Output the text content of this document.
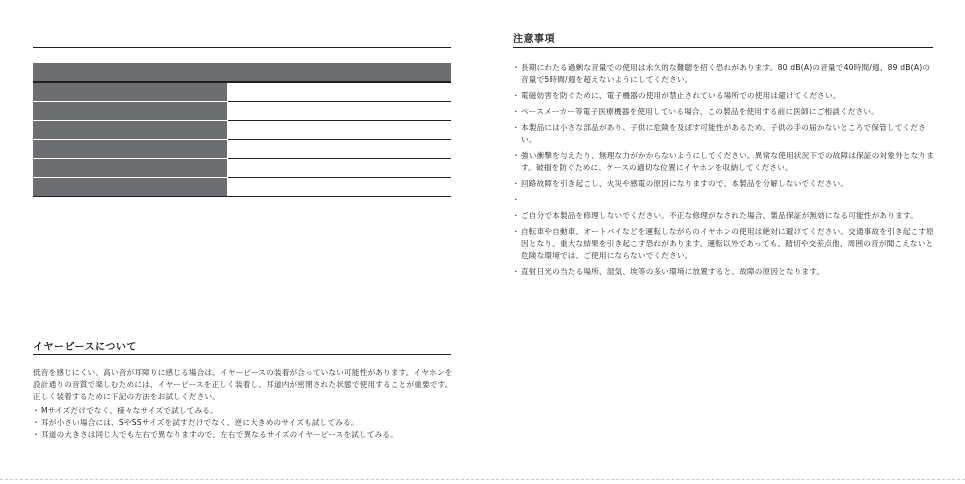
イヤーピースについて

低音を感じにくい、高い音が耳障りに感じる場合は、イヤーピースの装着が合っていない可能性があります。イヤホンを設計通りの音質で楽しむためには、イヤーピースを正しく装着し、耳道内が密閉された状態で使用することが重要です。正しく装着するために下記の方法をお試しください。

・ Mサイズだけでなく、様々なサイズで試してみる。
・ 耳が小さい場合には、SやSSサイズを試すだけでなく、逆に大きめのサイズも試してみる。
・ 耳道の大きさは同じ人でも左右で異なりますので、左右で異なるサイズのイヤーピースを試してみる。
注意事項
・ 長期にわたる過剰な音量での使用は永久的な難聴を招く恐れがあります。80 dB(A)の音量で40時間/週、89 dB(A)の音量で5時間/週を超えないようにしてください。
・ 電磁妨害を防ぐために、電子機器の使用が禁止されている場所での使用は避けてください。
・ ペースメーカー等電子医療機器を使用している場合、この製品を使用する前に医師にご相談ください。
・ 本製品には小さな部品があり、子供に危険を及ぼす可能性があるため、子供の手の届かないところで保管してください。
・ 強い衝撃を与えたり、無理な力がかからないようにしてください。異常な使用状況下での故障は保証の対象外となります。破損を防ぐために、ケースの適切な位置にイヤホンを収納してください。
・ 回路故障を引き起こし、火災や感電の原因になりますので、本製品を分解しないでください。
・
・ ご自分で本製品を修理しないでください。不正な修理がなされた場合、製品保証が無効になる可能性があります。
・ 自転車や自動車、オートバイなどを運転しながらのイヤホンの使用は絶対に避けてください。交通事故を引き起こす原因となり、重大な結果を引き起こす恐れがあります。運転以外であっても、踏切や交差点他、周囲の音が聞こえないと危険な環境では、ご使用にならないでください。
・ 直射日光の当たる場所、湿気、埃等の多い環境に放置すると、故障の原因となります。
